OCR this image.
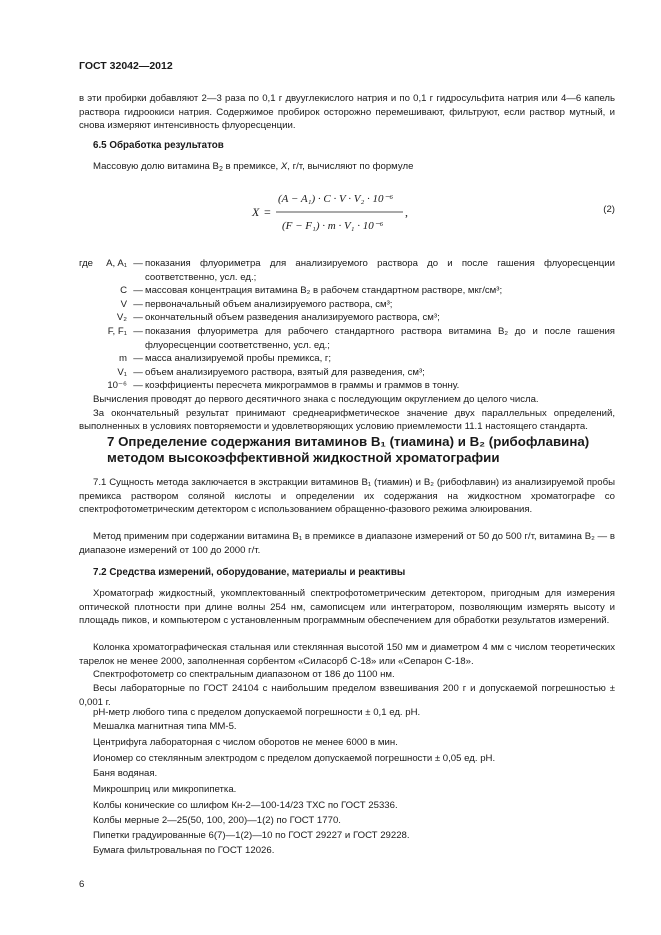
ГОСТ 32042—2012
в эти пробирки добавляют 2—3 раза по 0,1 г двууглекислого натрия и по 0,1 г гидросульфита натрия или 4—6 капель раствора гидроокиси натрия. Содержимое пробирок осторожно перемешивают, фильтруют, если раствор мутный, и снова измеряют интенсивность флуоресценции.
6.5 Обработка результатов
Массовую долю витамина $В_2$ в премиксе, X, г/т, вычисляют по формуле
X =
(A − A₁) · C · V · V₂ · 10⁻⁶
(F − F₁) · m · V₁ · 10⁻⁶
,	(2)
где	A, A₁ — показания флуориметра для анализируемого раствора до и после гашения флуоресценции соответственно, усл. ед.;
C — массовая концентрация витамина В₂ в рабочем стандартном растворе, мкг/см³;
V — первоначальный объем анализируемого раствора, см³;
V₂ — окончательный объем разведения анализируемого раствора, см³;
F, F₁ — показания флуориметра для рабочего стандартного раствора витамина В₂ до и после гашения флуоресценции соответственно, усл. ед.;
m — масса анализируемой пробы премикса, г;
V₁ — объем анализируемого раствора, взятый для разведения, см³;
10⁻⁶ — коэффициенты пересчета микрограммов в граммы и граммов в тонну.
Вычисления проводят до первого десятичного знака с последующим округлением до целого числа.
За окончательный результат принимают среднеарифметическое значение двух параллельных определений, выполненных в условиях повторяемости и удовлетворяющих условию приемлемости 11.1 настоящего стандарта.
7 Определение содержания витаминов В₁ (тиамина) и В₂ (рибофлавина)
методом высокоэффективной жидкостной хроматографии
7.1 Сущность метода заключается в экстракции витаминов В₁ (тиамин) и В₂ (рибофлавин) из анализируемой пробы премикса раствором соляной кислоты и определении их содержания на жидкостном хроматографе со спектрофотометрическим детектором с использованием обращенно-фазового режима элюирования.
Метод применим при содержании витамина В₁ в премиксе в диапазоне измерений от 50 до 500 г/т, витамина В₂ — в диапазоне измерений от 100 до 2000 г/т.
7.2 Средства измерений, оборудование, материалы и реактивы
Хроматограф жидкостный, укомплектованный спектрофотометрическим детектором, пригодным для измерения оптической плотности при длине волны 254 нм, самописцем или интегратором, позволяющим измерять высоту и площадь пиков, и компьютером с установленным программным обеспечением для обработки результатов измерений.
Колонка хроматографическая стальная или стеклянная высотой 150 мм и диаметром 4 мм с числом теоретических тарелок не менее 2000, заполненная сорбентом «Силасорб С-18» или «Сепарон С-18».
Спектрофотометр со спектральным диапазоном от 186 до 1100 нм.
Весы лабораторные по ГОСТ 24104 с наибольшим пределом взвешивания 200 г и допускаемой погрешностью ± 0,001 г.
рН-метр любого типа с пределом допускаемой погрешности ± 0,1 ед. рН.
Мешалка магнитная типа ММ-5.
Центрифуга лабораторная с числом оборотов не менее 6000 в мин.
Иономер со стеклянным электродом с пределом допускаемой погрешности ± 0,05 ед. рН.
Баня водяная.
Микрошприц или микропипетка.
Колбы конические со шлифом Кн-2—100-14/23 ТХС по ГОСТ 25336.
Колбы мерные 2—25(50, 100, 200)—1(2) по ГОСТ 1770.
Пипетки градуированные 6(7)—1(2)—10 по ГОСТ 29227 и ГОСТ 29228.
Бумага фильтровальная по ГОСТ 12026.
6
